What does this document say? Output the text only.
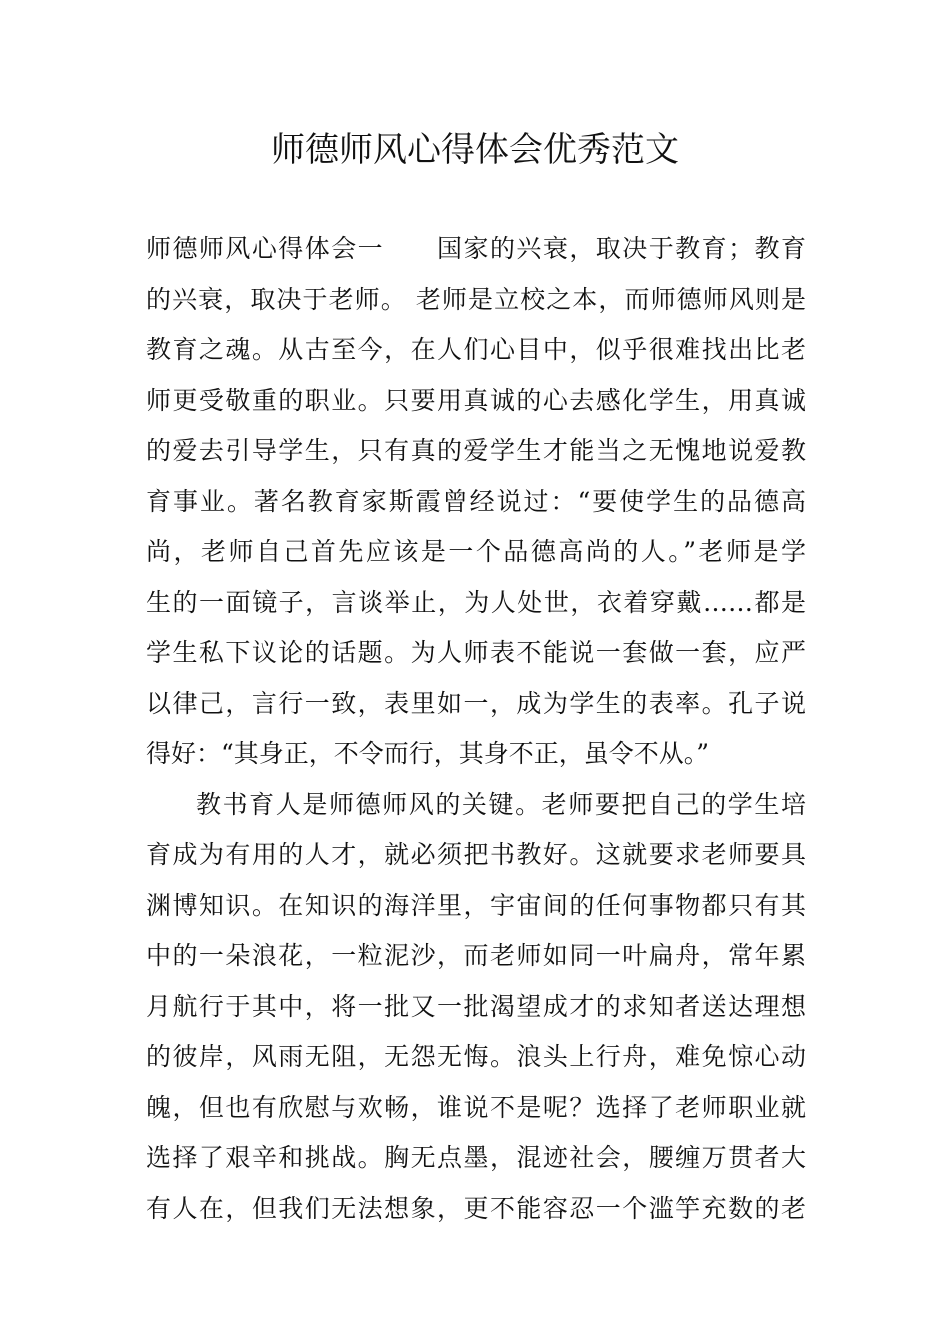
师德师风心得体会优秀范文
师德师风心得体会一　　国家的兴衰，取决于教育；教育
的兴衰，取决于老师。 老师是立校之本，而师德师风则是
教育之魂。从古至今，在人们心目中，似乎很难找出比老
师更受敬重的职业。只要用真诚的心去感化学生，用真诚
的爱去引导学生，只有真的爱学生才能当之无愧地说爱教
育事业。著名教育家斯霞曾经说过：“要使学生的品德高
尚，老师自己首先应该是一个品德高尚的人。”老师是学
生的一面镜子，言谈举止，为人处世，衣着穿戴……都是
学生私下议论的话题。为人师表不能说一套做一套，应严
以律己，言行一致，表里如一，成为学生的表率。孔子说
得好：“其身正，不令而行，其身不正，虽令不从。”
教书育人是师德师风的关键。老师要把自己的学生培
育成为有用的人才，就必须把书教好。这就要求老师要具
渊博知识。在知识的海洋里，宇宙间的任何事物都只有其
中的一朵浪花，一粒泥沙，而老师如同一叶扁舟，常年累
月航行于其中，将一批又一批渴望成才的求知者送达理想
的彼岸，风雨无阻，无怨无悔。浪头上行舟，难免惊心动
魄，但也有欣慰与欢畅，谁说不是呢？选择了老师职业就
选择了艰辛和挑战。胸无点墨，混迹社会，腰缠万贯者大
有人在，但我们无法想象，更不能容忍一个滥竽充数的老
